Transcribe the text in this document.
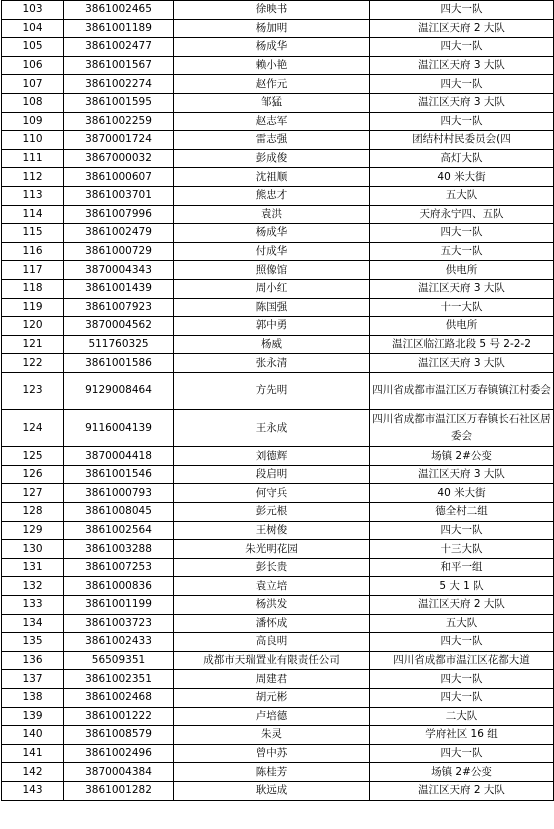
103	3861002465	徐映书	四大一队
104	3861001189	杨加明	温江区天府 2 大队
105	3861002477	杨成华	四大一队
106	3861001567	赖小艳	温江区天府 3 大队
107	3861002274	赵作元	四大一队
108	3861001595	邹猛	温江区天府 3 大队
109	3861002259	赵志军	四大一队
110	3870001724	雷志强	团结村村民委员会(四
111	3867000032	彭成俊	高灯大队
112	3861000607	沈祖顺	40 米大街
113	3861003701	熊忠才	五大队
114	3861007996	袁洪	天府永宁四、五队
115	3861002479	杨成华	四大一队
116	3861000729	付成华	五大一队
117	3870004343	照像馆	供电所
118	3861001439	周小红	温江区天府 3 大队
119	3861007923	陈国强	十一大队
120	3870004562	郭中勇	供电所
121	511760325	杨威	温江区临江路北段 5 号 2-2-2
122	3861001586	张永清	温江区天府 3 大队
123	9129008464	方先明	四川省成都市温江区万春镇镇江村委会
124	9116004139	王永成	四川省成都市温江区万春镇长石社区居委会
125	3870004418	刘德辉	场镇 2#公变
126	3861001546	段启明	温江区天府 3 大队
127	3861000793	何守兵	40 米大街
128	3861008045	彭元根	德全村二组
129	3861002564	王树俊	四大一队
130	3861003288	朱光明花园	十三大队
131	3861007253	彭长贵	和平一组
132	3861000836	袁立培	5 大 1 队
133	3861001199	杨洪发	温江区天府 2 大队
134	3861003723	潘怀成	五大队
135	3861002433	高良明	四大一队
136	56509351	成都市天瑞置业有限责任公司	四川省成都市温江区花都大道
137	3861002351	周建君	四大一队
138	3861002468	胡元彬	四大一队
139	3861001222	卢培德	二大队
140	3861008579	朱灵	学府社区 16 组
141	3861002496	曾中苏	四大一队
142	3870004384	陈桂芳	场镇 2#公变
143	3861001282	耿远成	温江区天府 2 大队
